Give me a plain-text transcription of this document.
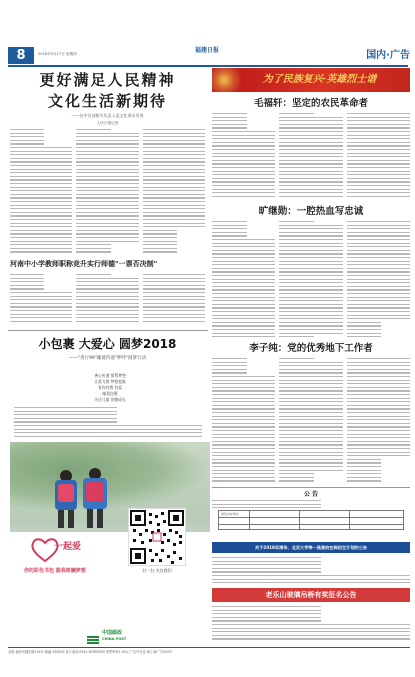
8	2018年5月17日 星期四	福建日报	国内·广告
更好满足人民精神
文化生活新期待
——访中宣部相关负责人谈文化事业发展
人民日报记者
河南中小学教师职称竞升实行师德"一票否决制"
小包裹 大爱心 圆梦2018
——"善行99"邮爱传递"呼呼"圆梦行动
善心传递 情系梦想
让爱飞翔 梦想起航
有你有我 有爱
邮爱包裹
关注儿童 伴随成长
一起爱
你的彩色书包 圆我斑斓梦想	扫一扫 关注我们
中国邮政
CHINA POST
为了民族复兴·英雄烈士谱
毛福轩：坚定的农民革命者
旷继勋：一腔热血写忠诚
李子纯：党的优秀地下工作者
公 告
承包中标单位
关于2018年清华、北京大学等一流高校在闽招生计划的公告
老乐山玻璃吊桥有奖征名公告
本报:福州市湖东路154号 邮编:350003 发行电话:0591-87095553 零售每份1.00元 广告许可证:闽工商广字003号
